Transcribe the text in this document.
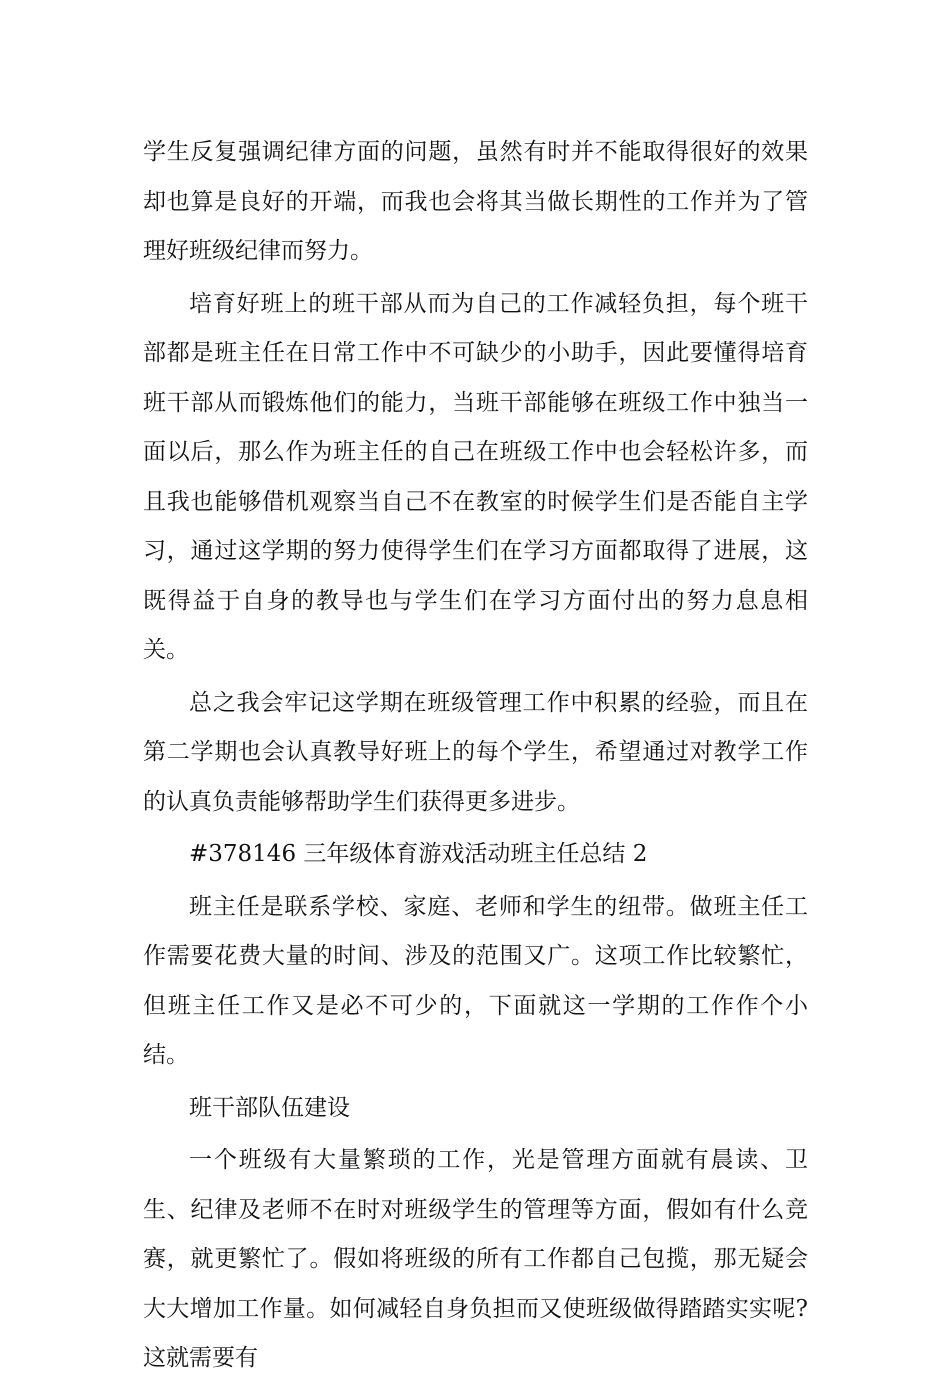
学生反复强调纪律方面的问题，虽然有时并不能取得很好的效果却也算是良好的开端，而我也会将其当做长期性的工作并为了管理好班级纪律而努力。

培育好班上的班干部从而为自己的工作减轻负担，每个班干部都是班主任在日常工作中不可缺少的小助手，因此要懂得培育班干部从而锻炼他们的能力，当班干部能够在班级工作中独当一面以后，那么作为班主任的自己在班级工作中也会轻松许多，而且我也能够借机观察当自己不在教室的时候学生们是否能自主学习，通过这学期的努力使得学生们在学习方面都取得了进展，这既得益于自身的教导也与学生们在学习方面付出的努力息息相关。

总之我会牢记这学期在班级管理工作中积累的经验，而且在第二学期也会认真教导好班上的每个学生，希望通过对教学工作的认真负责能够帮助学生们获得更多进步。

#378146 三年级体育游戏活动班主任总结 2

班主任是联系学校、家庭、老师和学生的纽带。做班主任工作需要花费大量的时间、涉及的范围又广。这项工作比较繁忙，但班主任工作又是必不可少的，下面就这一学期的工作作个小结。

班干部队伍建设

一个班级有大量繁琐的工作，光是管理方面就有晨读、卫生、纪律及老师不在时对班级学生的管理等方面，假如有什么竞赛，就更繁忙了。假如将班级的所有工作都自己包揽，那无疑会大大增加工作量。如何减轻自身负担而又使班级做得踏踏实实呢?这就需要有
